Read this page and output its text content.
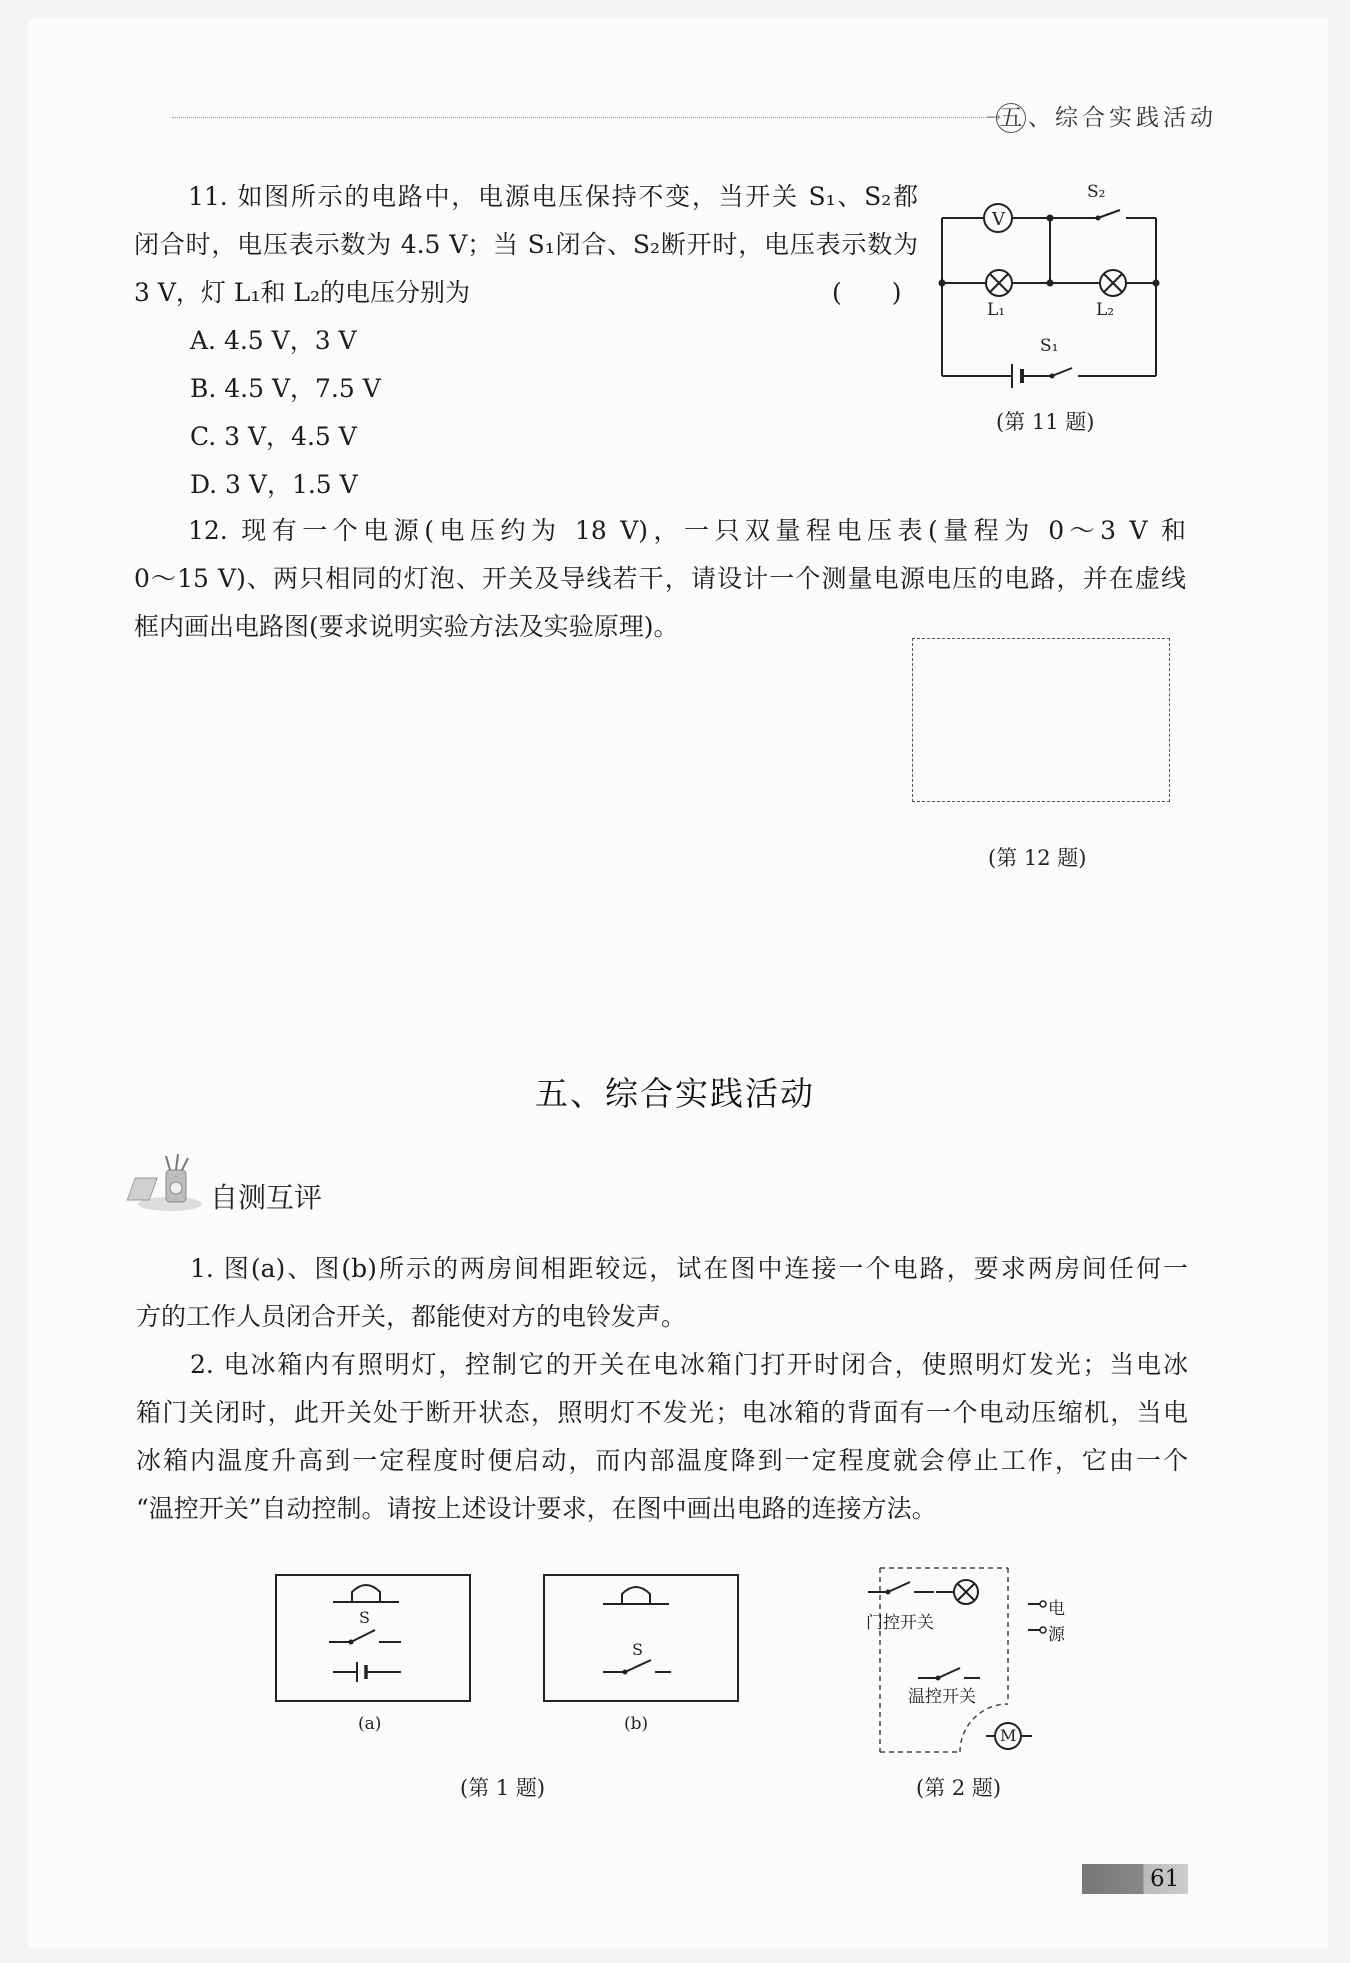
→
五 、综合实践活动
11. 如图所示的电路中，电源电压保持不变，当开关 S₁、S₂都
闭合时，电压表示数为 4.5 V；当 S₁闭合、S₂断开时，电压表示数为
3 V，灯 L₁和 L₂的电压分别为	(　　)
A. 4.5 V，3 V
B. 4.5 V，7.5 V
C. 3 V，4.5 V
D. 3 V，1.5 V
V
S₂
L₁	L₂
S₁
(第 11 题)
12. 现有一个电源(电压约为 18 V)，一只双量程电压表(量程为 0～3 V 和
0～15 V)、两只相同的灯泡、开关及导线若干，请设计一个测量电源电压的电路，并在虚线
框内画出电路图(要求说明实验方法及实验原理)。
(第 12 题)
五、综合实践活动
自测互评
1. 图(a)、图(b)所示的两房间相距较远，试在图中连接一个电路，要求两房间任何一
方的工作人员闭合开关，都能使对方的电铃发声。
2. 电冰箱内有照明灯，控制它的开关在电冰箱门打开时闭合，使照明灯发光；当电冰
箱门关闭时，此开关处于断开状态，照明灯不发光；电冰箱的背面有一个电动压缩机，当电
冰箱内温度升高到一定程度时便启动，而内部温度降到一定程度就会停止工作，它由一个
“温控开关”自动控制。请按上述设计要求，在图中画出电路的连接方法。
S
(a)
S
(b)
(第 1 题)
门控开关
电
源
温控开关
M
(第 2 题)
61
